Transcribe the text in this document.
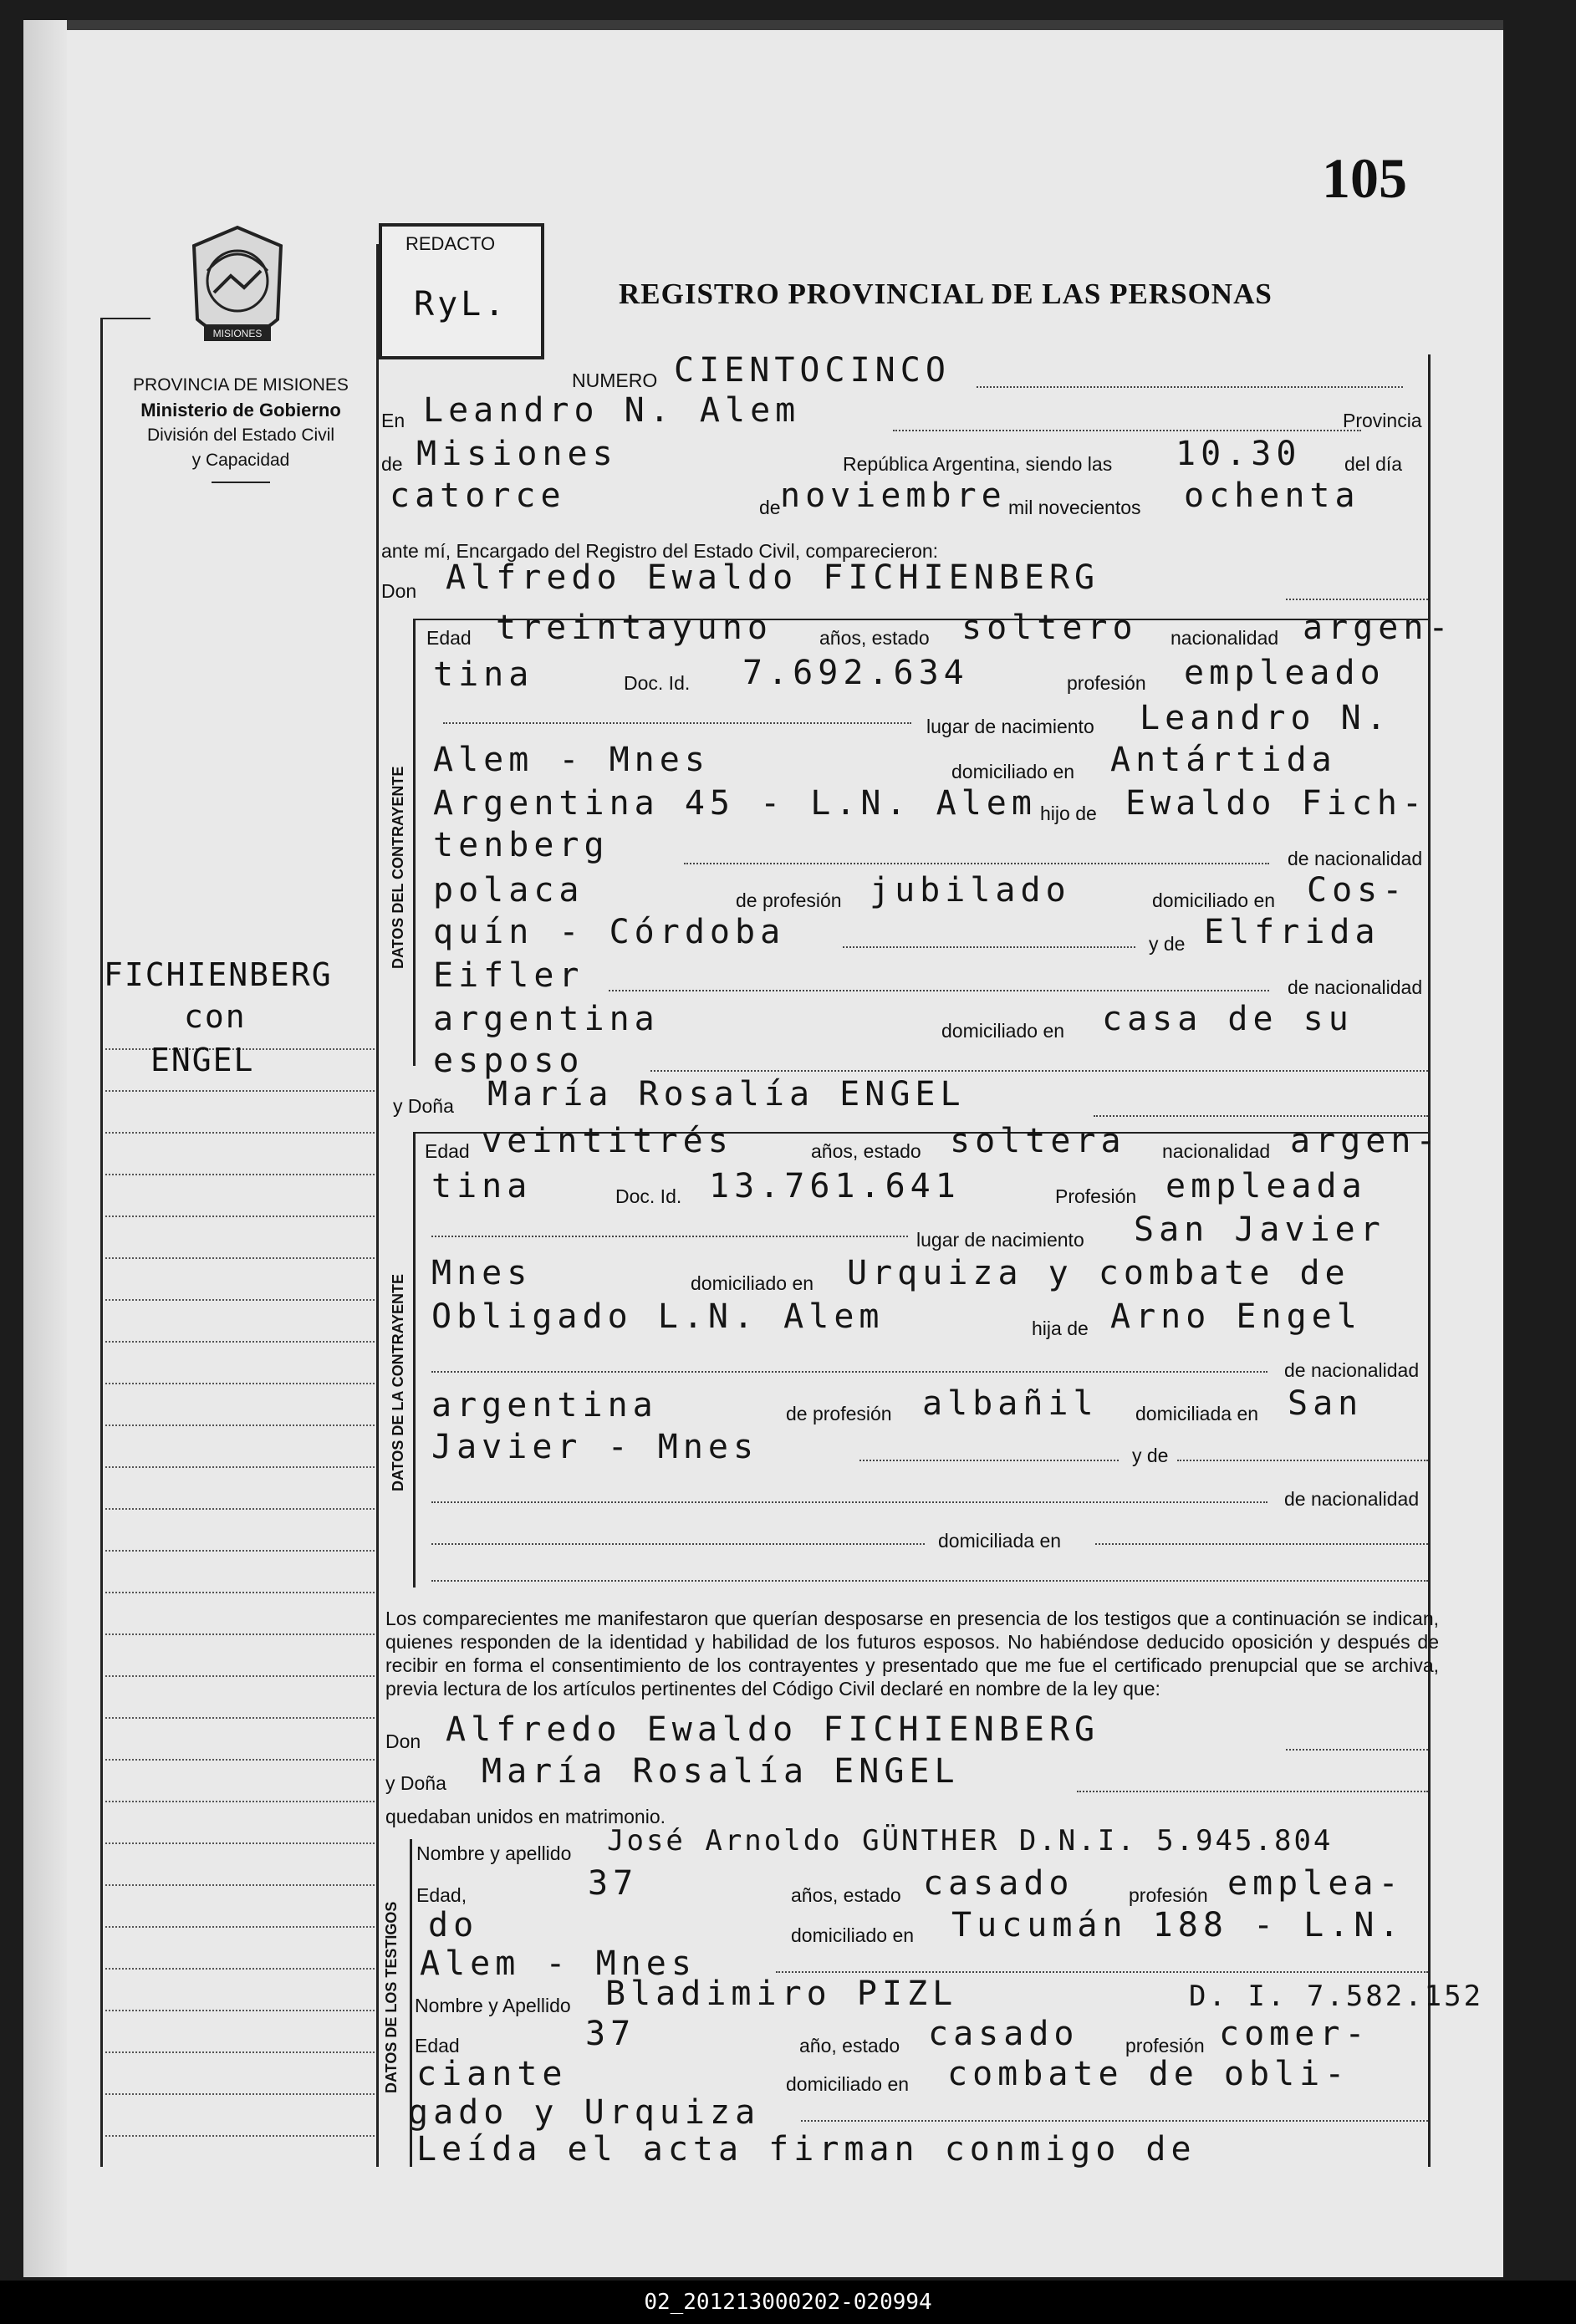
105
MISIONES
REDACTO
RyL.	REGISTRO PROVINCIAL DE LAS PERSONAS
PROVINCIA DE MISIONES
Ministerio de Gobierno
División del Estado Civil
y Capacidad
FICHIENBERG
con
ENGEL
NUMERO CIENTOCINCO
En Leandro N. Alem	Provincia
de Misiones	República Argentina, siendo las 10.30 del día
catorce	de noviembre mil novecientos ochenta
ante mí, Encargado del Registro del Estado Civil, comparecieron:
Don Alfredo Ewaldo FICHIENBERG
DATOS DEL CONTRAYENTE
Edad treintayuno años, estado soltero nacionalidad argen-
tina	Doc. Id. 7.692.634	profesión empleado
lugar de nacimiento Leandro N.
Alem - Mnes	domiciliado en Antártida
Argentina 45 - L.N. Alem hijo de Ewaldo Fich-
tenberg	de nacionalidad
polaca	de profesión jubilado	domiciliado en Cos-
quín - Córdoba	y de Elfrida
Eifler	de nacionalidad
argentina	domiciliado en casa de su
esposo
y Doña María Rosalía ENGEL
DATOS DE LA CONTRAYENTE
Edad veintitrés	años, estado soltera nacionalidad argen-
tina	Doc. Id. 13.761.641	Profesión empleada
lugar de nacimiento San Javier
Mnes	domiciliado en Urquiza y combate de
Obligado L.N. Alem	hija de Arno Engel
de nacionalidad
argentina	de profesión albañil domiciliada en San
Javier - Mnes	y de
de nacionalidad
domiciliada en
Los comparecientes me manifestaron que querían desposarse en presencia de los testigos que a continuación se indican, quienes responden de la identidad y habilidad de los futuros esposos. No habiéndose deducido oposición y después de recibir en forma el consentimiento de los contrayentes y presentado que me fue el certificado prenupcial que se archiva, previa lectura de los artículos pertinentes del Código Civil declaré en nombre de la ley que:
Don Alfredo Ewaldo FICHIENBERG
y Doña María Rosalía ENGEL
quedaban unidos en matrimonio.
DATOS DE LOS TESTIGOS
Nombre y apellido José Arnoldo GÜNTHER D.N.I. 5.945.804
Edad,	37	años, estado casado	profesión emplea-
do	domiciliado en Tucumán 188 - L.N.
Alem - Mnes
Nombre y Apellido Bladimiro PIZL	D. I. 7.582.152
Edad	37	año, estado casado profesión comer-
ciante	domiciliado en combate de obli-
gado y Urquiza
Leída el acta firman conmigo de
02_201213000202-020994
